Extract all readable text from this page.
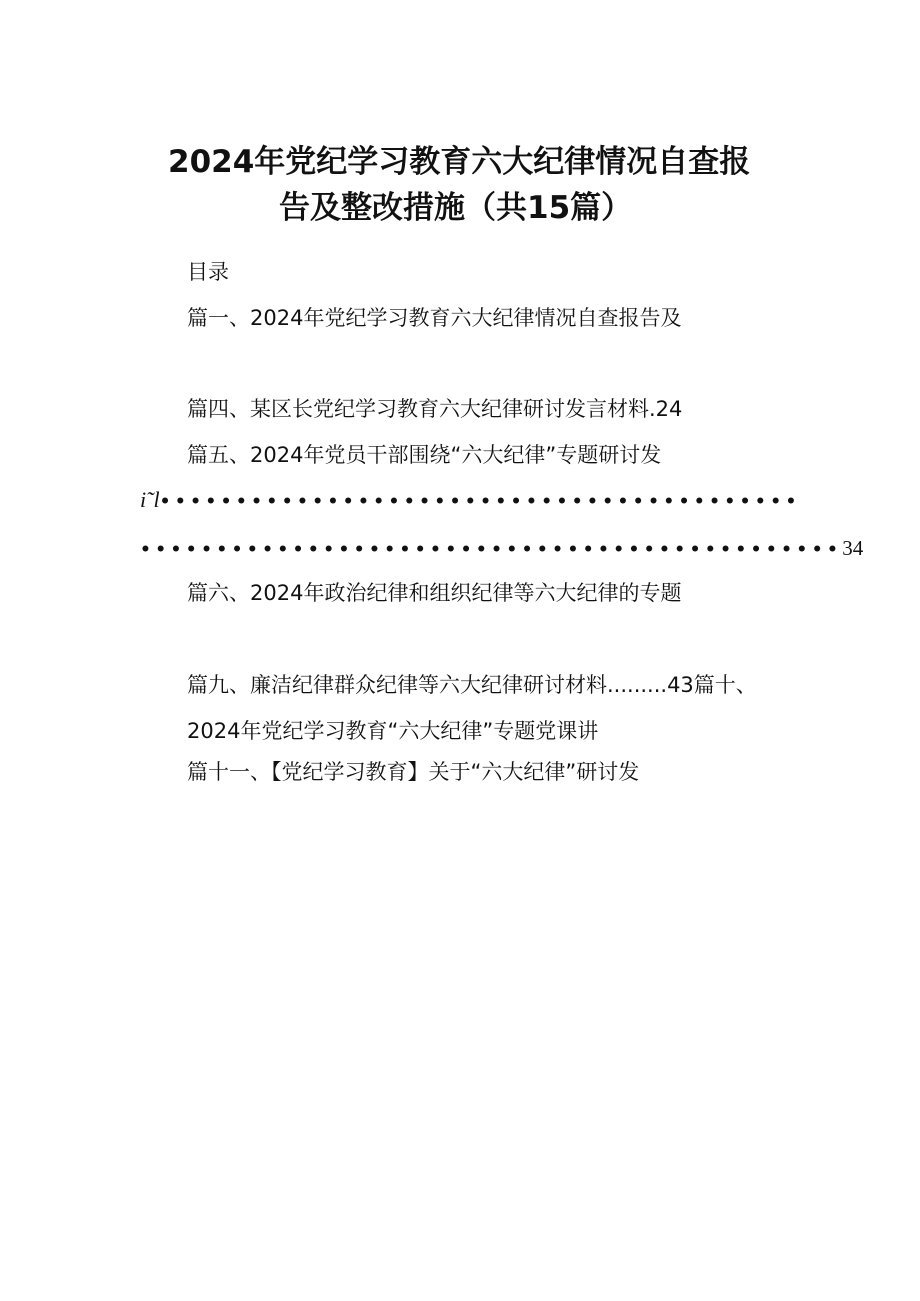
2024年党纪学习教育六大纪律情况自查报
告及整改措施（共15篇）
目录
篇一、2024年党纪学习教育六大纪律情况自查报告及
篇四、某区长党纪学习教育六大纪律研讨发言材料.24
篇五、2024年党员干部围绕“六大纪律”专题研讨发
i˜l••••••••••••••••••••••••••••••••••••••••••
••••••••••••••••••••••••••••••••••••••••••••••34
篇六、2024年政治纪律和组织纪律等六大纪律的专题
篇九、廉洁纪律群众纪律等六大纪律研讨材料.........43篇十、
2024年党纪学习教育“六大纪律”专题党课讲
篇十一、【党纪学习教育】关于“六大纪律”研讨发
